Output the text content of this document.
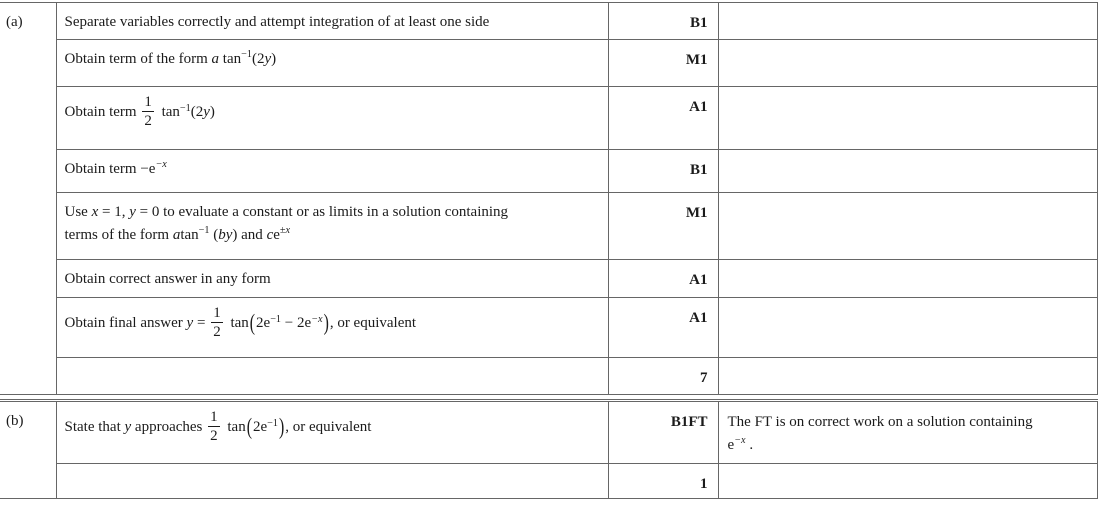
(a)	Separate variables correctly and attempt integration of at least one side	B1	
	Obtain term of the form a $\tan^{-1}(2y)$	M1	
	Obtain term $\frac{1}{2} \tan^{-1}(2y)$	A1	
	Obtain term $-e^{-x}$	B1	
	Use x = 1, y = 0 to evaluate a constant or as limits in a solution containing
terms of the form atan$^{-1}$ (by) and $ce^{\pm x}$	M1	
	Obtain correct answer in any form	A1	
	Obtain final answer $y = \frac{1}{2} \tan(2e^{-1} - 2e^{-x})$, or equivalent	A1	
		7	
(b)	State that y approaches $\frac{1}{2} \tan(2e^{-1})$, or equivalent	B1FT	The FT is on correct work on a solution containing
$e^{-x}$ .
		1	
